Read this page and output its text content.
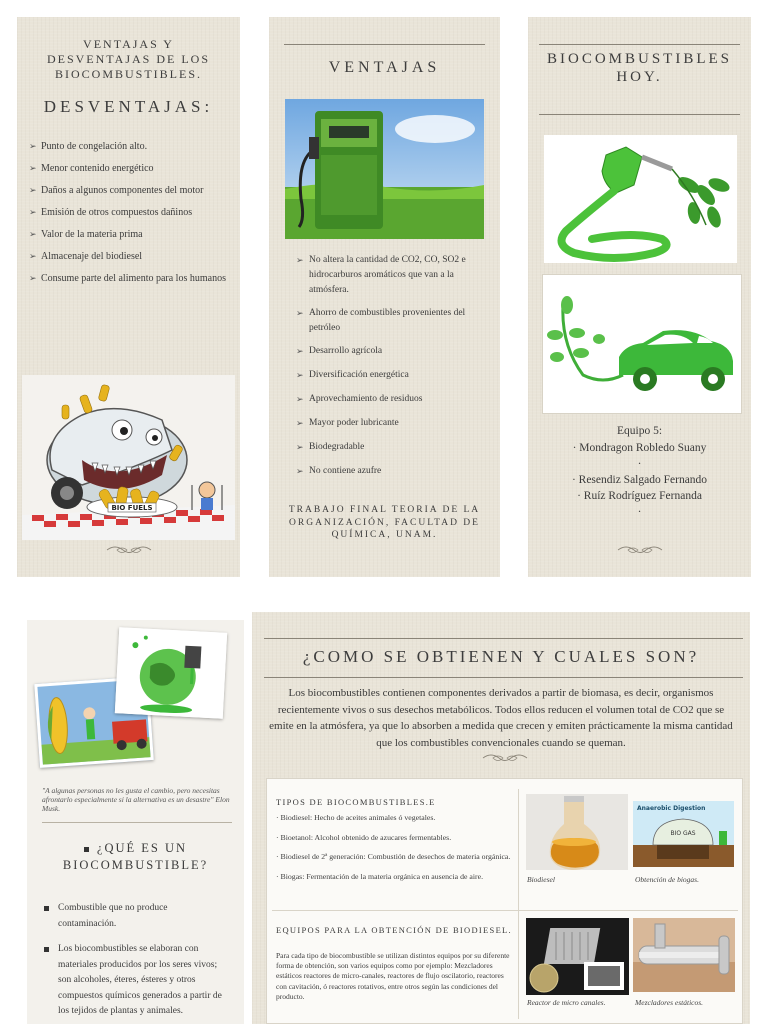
VENTAJAS Y DESVENTAJAS DE LOS BIOCOMBUSTIBLES.
DESVENTAJAS:
➢ Punto de congelación alto.
➢ Menor contenido energético
➢ Daños a algunos componentes del motor
➢ Emisión de otros compuestos dañinos
➢ Valor de la materia prima
➢ Almacenaje del biodiesel
➢ Consume parte del alimento para los humanos
BIO FUELS
VENTAJAS
➢ No altera la cantidad de CO2, CO, SO2 e hidrocarburos aromáticos que van a la atmósfera.
➢ Ahorro de combustibles provenientes del petróleo
➢ Desarrollo agrícola
➢ Diversificación energética
➢ Aprovechamiento de residuos
➢ Mayor poder lubricante
➢ Biodegradable
➢ No contiene azufre
TRABAJO FINAL TEORIA DE LA ORGANIZACIÓN, FACULTAD DE QUÍMICA, UNAM.
BIOCOMBUSTIBLES HOY.
Equipo 5:
· Mondragon Robledo Suany
·
· Resendiz Salgado Fernando
· Ruíz Rodríguez Fernanda
·
"A algunas personas no les gusta el cambio, pero necesitas afrontarlo especialmente si la alternativa es un desastre" Elon Musk.
¿QUÉ ES UN BIOCOMBUSTIBLE?
Combustible que no produce contaminación.
Los biocombustibles se elaboran con materiales producidos por los seres vivos; son alcoholes, éteres, ésteres y otros compuestos químicos generados a partir de los tejidos de plantas y animales.
¿COMO SE OBTIENEN Y CUALES SON?
Los biocombustibles contienen componentes derivados a partir de biomasa, es decir, organismos recientemente vivos o sus desechos metabólicos. Todos ellos reducen el volumen total de CO2 que se emite en la atmósfera, ya que lo absorben a medida que crecen y emiten prácticamente la misma cantidad que los combustibles convencionales cuando se queman.
TIPOS DE BIOCOMBUSTIBLES.E
· Biodiesel: Hecho de aceites animales ó vegetales.
· Bioetanol: Alcohol obtenido de azucares fermentables.
· Biodiesel de 2ª generación: Combustión de desechos de materia orgánica.
· Biogas: Fermentación de la materia orgánica en ausencia de aire.	Biodiesel
Anaerobic Digestion
BIO GAS
Obtención de biogas.
EQUIPOS PARA LA OBTENCIÓN DE BIODIESEL.
Para cada tipo de biocombustible se utilizan distintos equipos por su diferente forma de obtención, son varios equipos como por ejemplo: Mezcladores estáticos reactores de micro-canales, reactores de flujo oscilatorio, reactores con cavitación, ó reactores rotativos, entre otros según las condiciones del producto.
Reactor de micro canales.	Mezcladores estáticos.
